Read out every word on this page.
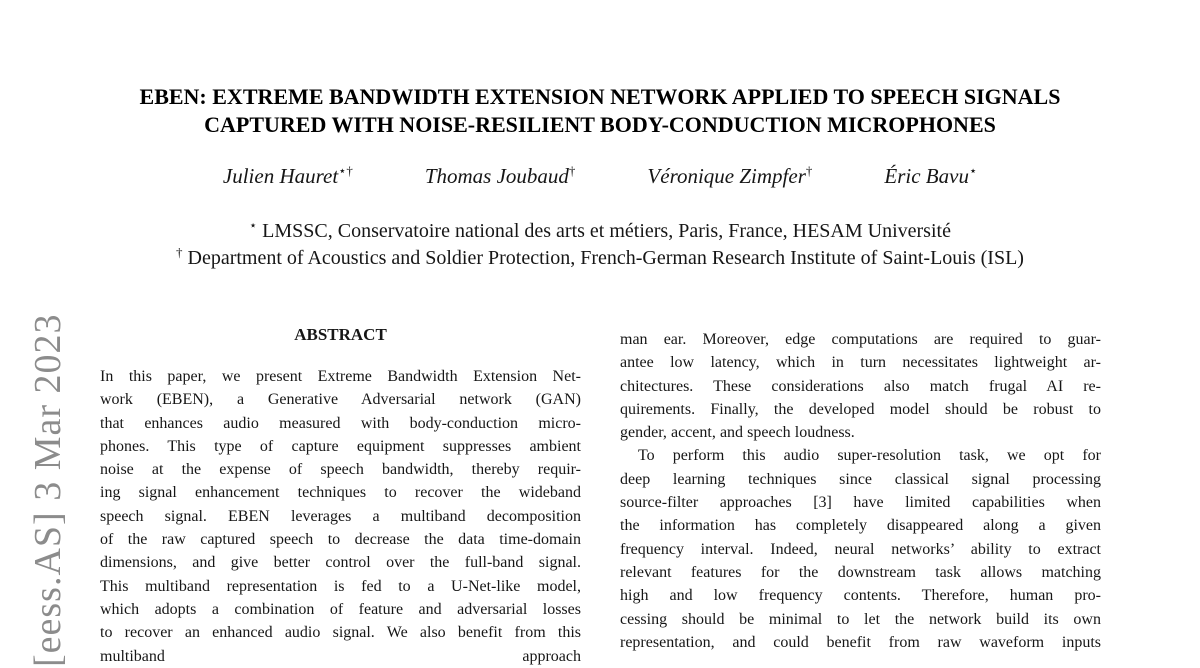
[eess.AS] 3 Mar 2023
EBEN: EXTREME BANDWIDTH EXTENSION NETWORK APPLIED TO SPEECH SIGNALS
CAPTURED WITH NOISE-RESILIENT BODY-CONDUCTION MICROPHONES
Julien Hauret⋆†	Thomas Joubaud†	Véronique Zimpfer†	Éric Bavu⋆
⋆ LMSSC, Conservatoire national des arts et métiers, Paris, France, HESAM Université
† Department of Acoustics and Soldier Protection, French-German Research Institute of Saint-Louis (ISL)
ABSTRACT
In this paper, we present Extreme Bandwidth Extension Net-
work (EBEN), a Generative Adversarial network (GAN)
that enhances audio measured with body-conduction micro-
phones. This type of capture equipment suppresses ambient
noise at the expense of speech bandwidth, thereby requir-
ing signal enhancement techniques to recover the wideband
speech signal. EBEN leverages a multiband decomposition
of the raw captured speech to decrease the data time-domain
dimensions, and give better control over the full-band signal.
This multiband representation is fed to a U-Net-like model,
which adopts a combination of feature and adversarial losses
to recover an enhanced audio signal. We also benefit from this
multiband approach
man ear. Moreover, edge computations are required to guar-
antee low latency, which in turn necessitates lightweight ar-
chitectures. These considerations also match frugal AI re-
quirements. Finally, the developed model should be robust to
gender, accent, and speech loudness.
To perform this audio super-resolution task, we opt for
deep learning techniques since classical signal processing
source-filter approaches [3] have limited capabilities when
the information has completely disappeared along a given
frequency interval. Indeed, neural networks’ ability to extract
relevant features for the downstream task allows matching
high and low frequency contents. Therefore, human pro-
cessing should be minimal to let the network build its own
representation, and could benefit from raw waveform inputs
